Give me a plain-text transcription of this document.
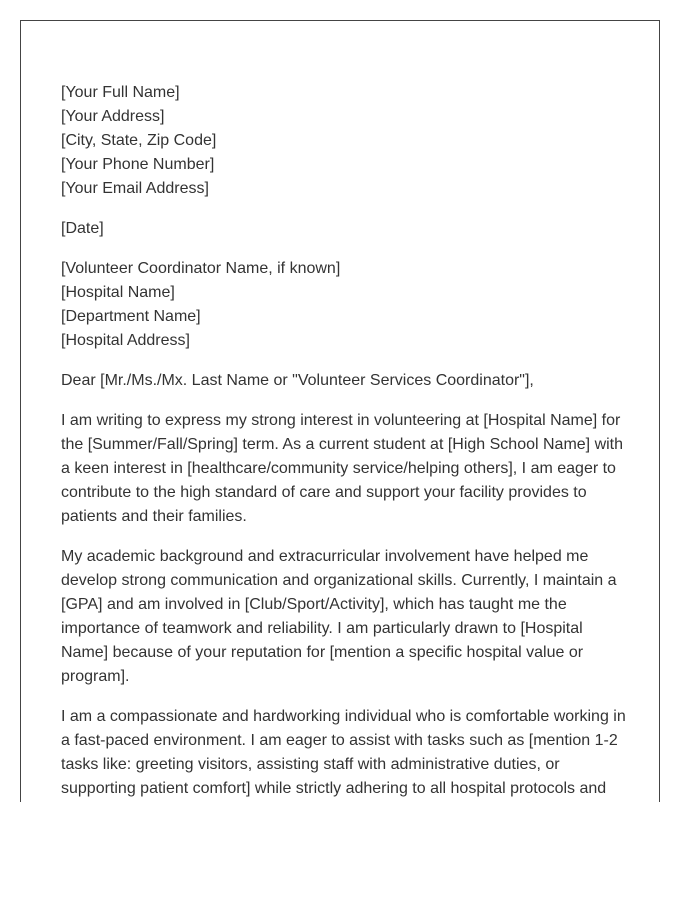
[Your Full Name]
[Your Address]
[City, State, Zip Code]
[Your Phone Number]
[Your Email Address]
[Date]
[Volunteer Coordinator Name, if known]
[Hospital Name]
[Department Name]
[Hospital Address]
Dear [Mr./Ms./Mx. Last Name or "Volunteer Services Coordinator"],

I am writing to express my strong interest in volunteering at [Hospital Name] for the [Summer/Fall/Spring] term. As a current student at [High School Name] with a keen interest in [healthcare/community service/helping others], I am eager to contribute to the high standard of care and support your facility provides to patients and their families.

My academic background and extracurricular involvement have helped me develop strong communication and organizational skills. Currently, I maintain a [GPA] and am involved in [Club/Sport/Activity], which has taught me the importance of teamwork and reliability. I am particularly drawn to [Hospital Name] because of your reputation for [mention a specific hospital value or program].

I am a compassionate and hardworking individual who is comfortable working in a fast-paced environment. I am eager to assist with tasks such as [mention 1-2 tasks like: greeting visitors, assisting staff with administrative duties, or supporting patient comfort] while strictly adhering to all hospital protocols and
